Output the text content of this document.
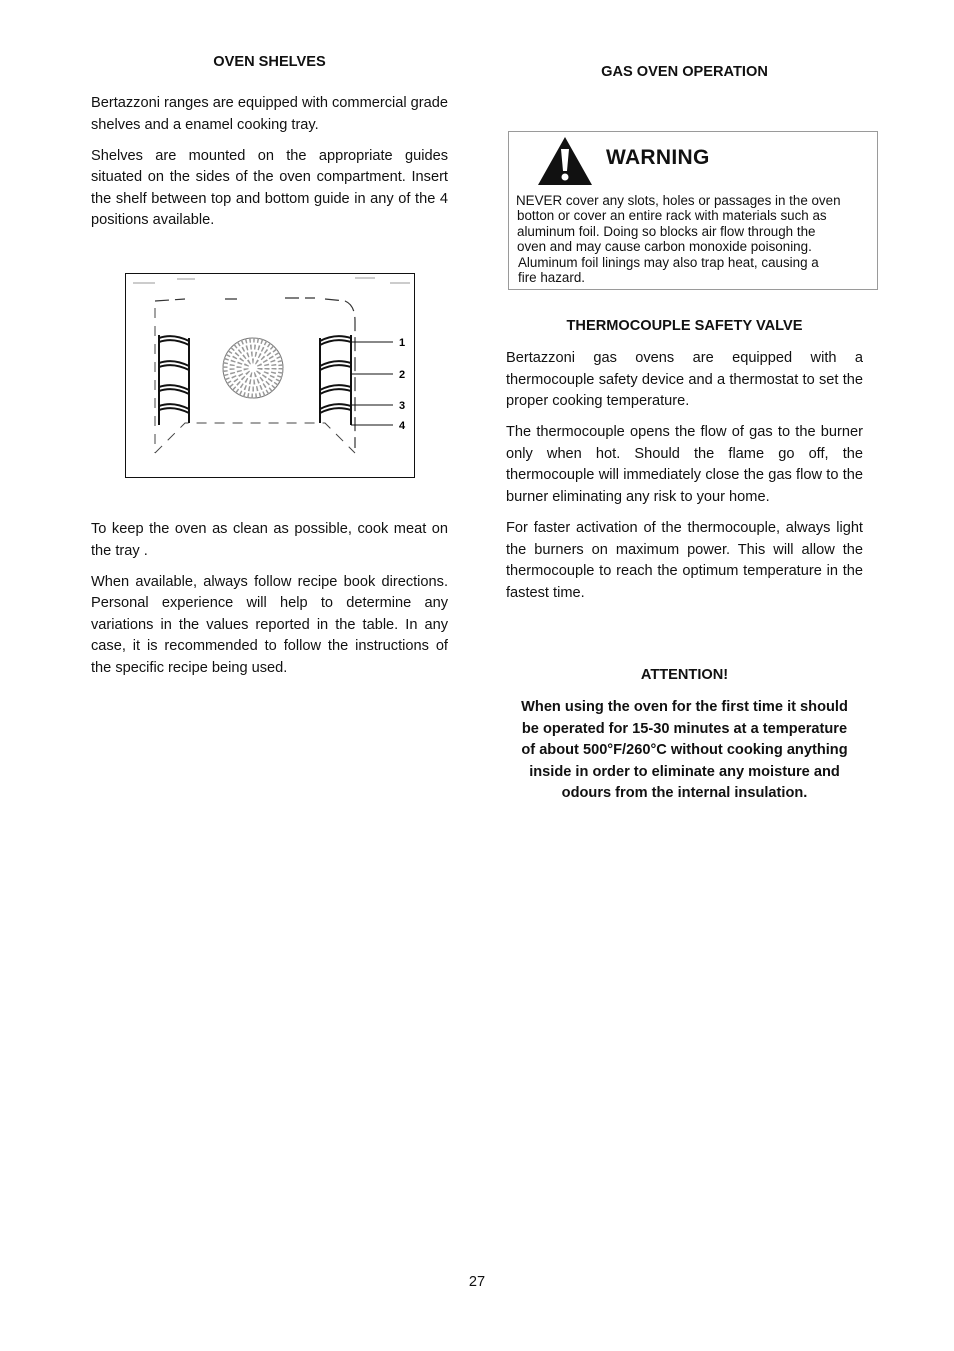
OVEN SHELVES

Bertazzoni ranges are equipped with commercial grade shelves and a enamel cooking tray.

Shelves are mounted on the appropriate guides situated on the sides of the oven compartment. Insert the shelf between top and bottom guide in any of the 4 positions available.

1
2
3
4

To keep the oven as clean as possible, cook meat on the tray .

When available, always follow recipe book directions. Personal experience will help to determine any variations in the values reported in the table. In any case, it is recommended to follow the instructions of the specific recipe being used.

GAS OVEN OPERATION
WARNING
NEVER cover any slots, holes or passages in the oven
botton or cover an entire rack with materials such as
aluminum foil. Doing so blocks air flow through the
oven and may cause carbon monoxide poisoning.
Aluminum foil linings may also trap heat, causing a
fire hazard.
THERMOCOUPLE SAFETY VALVE

Bertazzoni gas ovens are equipped with a thermocouple safety device and a thermostat to set the proper cooking temperature.

The thermocouple opens the flow of gas to the burner only when hot. Should the flame go off, the thermocouple will immediately close the gas flow to the burner eliminating any risk to your home.

For faster activation of the thermocouple, always light the burners on maximum power. This will allow the thermocouple to reach the optimum temperature in the fastest time.

ATTENTION!
When using the oven for the first time it should
be operated for 15-30 minutes at a temperature
of about 500°F/260°C without cooking anything
inside in order to eliminate any moisture and
odours from the internal insulation.
27
